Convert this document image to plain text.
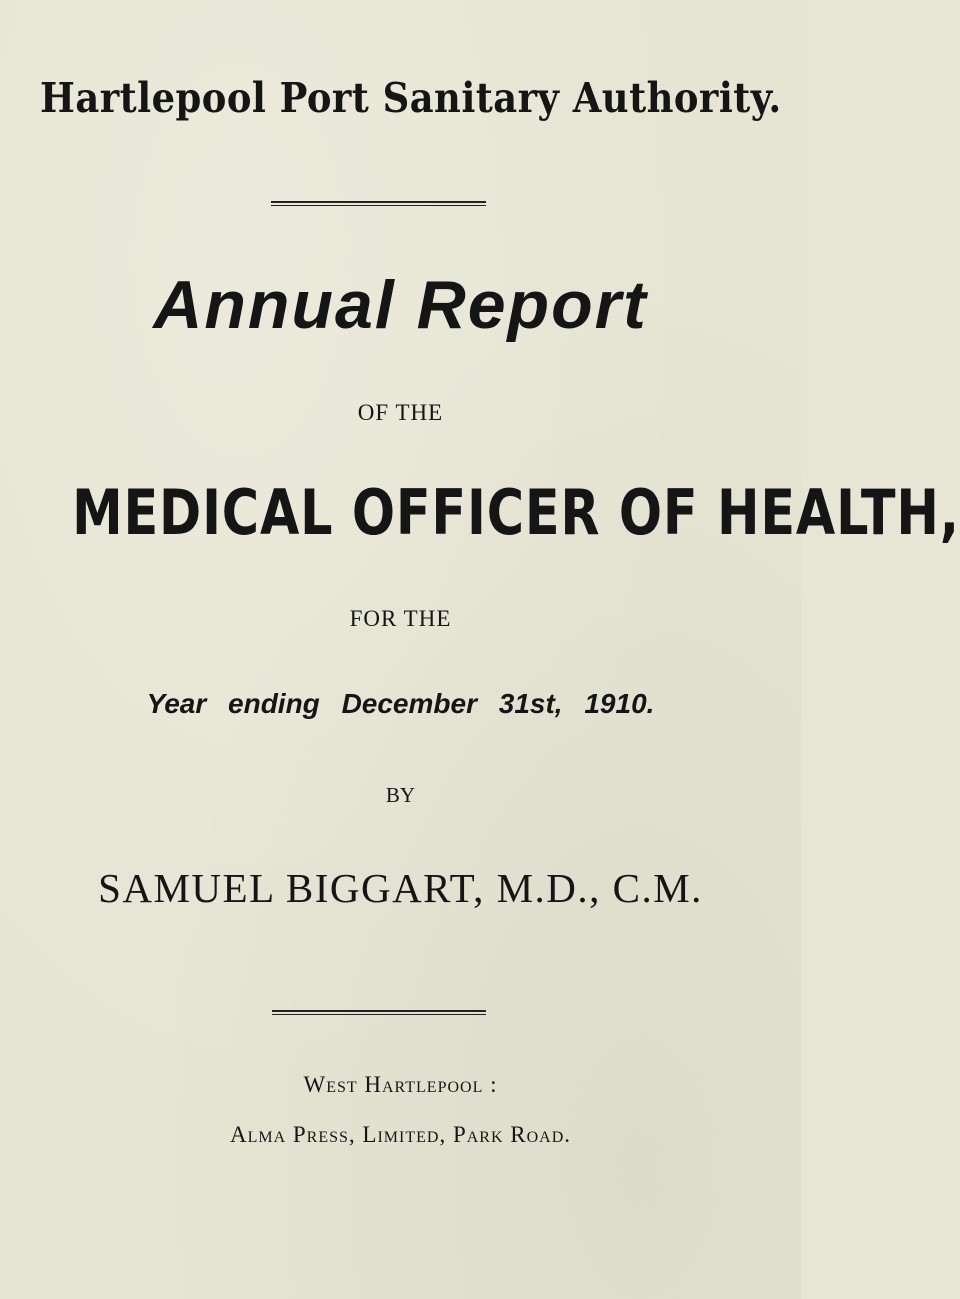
Hartlepool Port Sanitary Authority.
Annual Report
OF THE
MEDICAL OFFICER OF HEALTH,
FOR THE
Year ending December 31st, 1910.
BY
SAMUEL BIGGART, M.D., C.M.
West Hartlepool :
Alma Press, Limited, Park Road.
